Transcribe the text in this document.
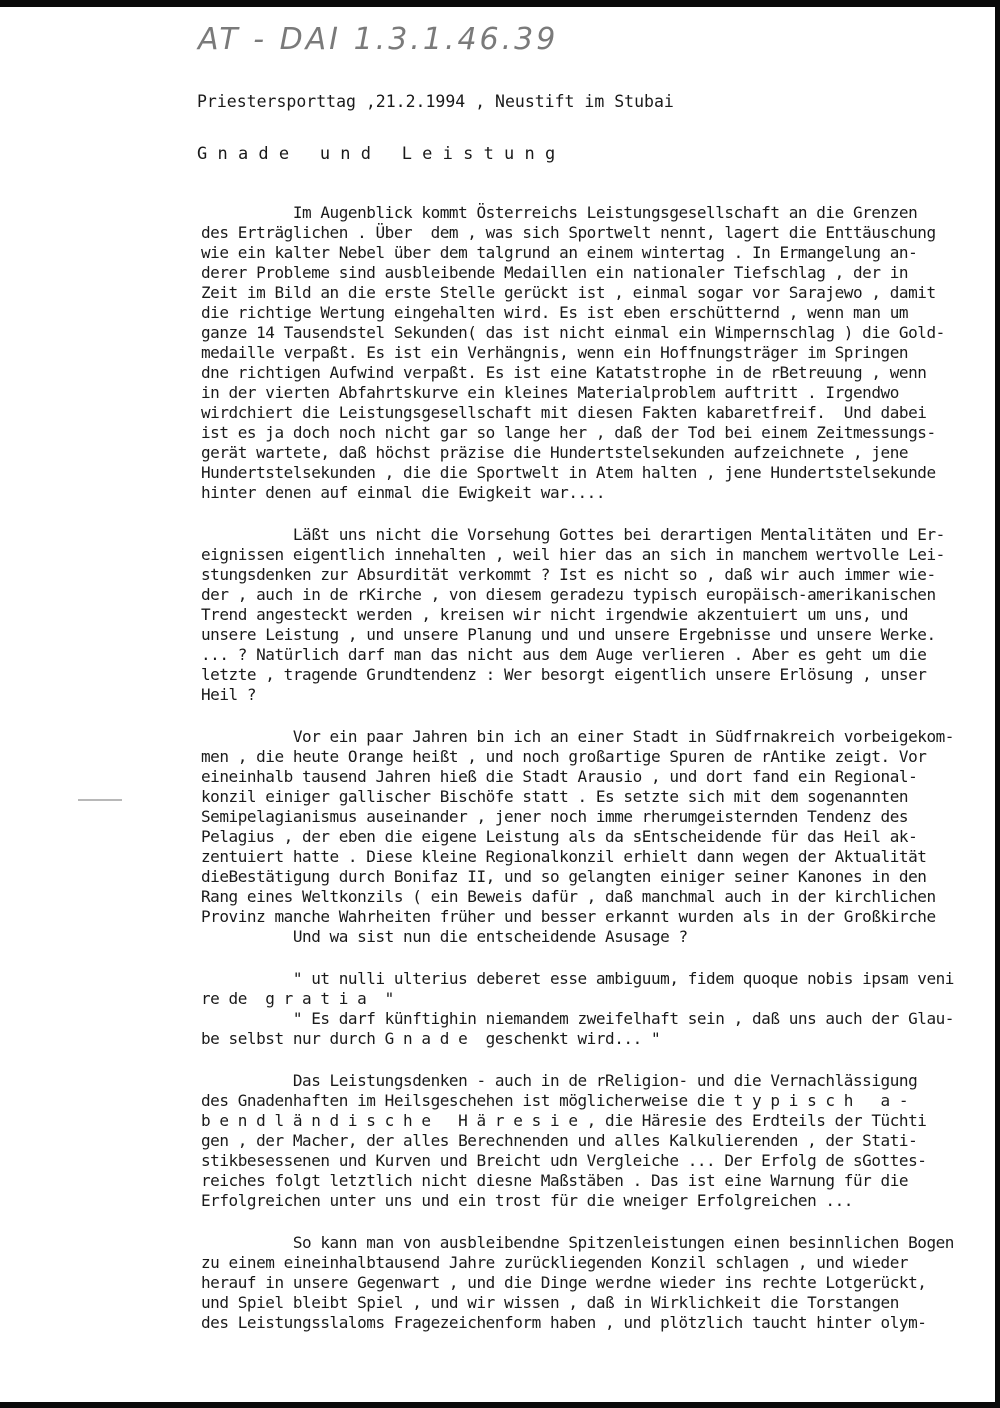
AT - DAI 1.3.1.46.39
Priestersporttag ,21.2.1994 , Neustift im Stubai
G n a d e   u n d   L e i s t u n g

Im Augenblick kommt Österreichs Leistungsgesellschaft an die Grenzen
des Erträglichen . Über  dem , was sich Sportwelt nennt, lagert die Enttäuschung
wie ein kalter Nebel über dem talgrund an einem wintertag . In Ermangelung an-
derer Probleme sind ausbleibende Medaillen ein nationaler Tiefschlag , der in
Zeit im Bild an die erste Stelle gerückt ist , einmal sogar vor Sarajewo , damit
die richtige Wertung eingehalten wird. Es ist eben erschütternd , wenn man um
ganze 14 Tausendstel Sekunden( das ist nicht einmal ein Wimpernschlag ) die Gold-
medaille verpaßt. Es ist ein Verhängnis, wenn ein Hoffnungsträger im Springen
dne richtigen Aufwind verpaßt. Es ist eine Katatstrophe in de rBetreuung , wenn
in der vierten Abfahrtskurve ein kleines Materialproblem auftritt . Irgendwo
wirdchiert die Leistungsgesellschaft mit diesen Fakten kabaretfreif.  Und dabei
ist es ja doch noch nicht gar so lange her , daß der Tod bei einem Zeitmessungs-
gerät wartete, daß höchst präzise die Hundertstelsekunden aufzeichnete , jene
Hundertstelsekunden , die die Sportwelt in Atem halten , jene Hundertstelsekunde
hinter denen auf einmal die Ewigkeit war....

Läßt uns nicht die Vorsehung Gottes bei derartigen Mentalitäten und Er-
eignissen eigentlich innehalten , weil hier das an sich in manchem wertvolle Lei-
stungsdenken zur Absurdität verkommt ? Ist es nicht so , daß wir auch immer wie-
der , auch in de rKirche , von diesem geradezu typisch europäisch-amerikanischen
Trend angesteckt werden , kreisen wir nicht irgendwie akzentuiert um uns, und
unsere Leistung , und unsere Planung und und unsere Ergebnisse und unsere Werke.
... ? Natürlich darf man das nicht aus dem Auge verlieren . Aber es geht um die
letzte , tragende Grundtendenz : Wer besorgt eigentlich unsere Erlösung , unser
Heil ?

Vor ein paar Jahren bin ich an einer Stadt in Südfrnakreich vorbeigekom-
men , die heute Orange heißt , und noch großartige Spuren de rAntike zeigt. Vor
eineinhalb tausend Jahren hieß die Stadt Arausio , und dort fand ein Regional-
konzil einiger gallischer Bischöfe statt . Es setzte sich mit dem sogenannten
Semipelagianismus auseinander , jener noch imme rherumgeisternden Tendenz des
Pelagius , der eben die eigene Leistung als da sEntscheidende für das Heil ak-
zentuiert hatte . Diese kleine Regionalkonzil erhielt dann wegen der Aktualität
dieBestätigung durch Bonifaz II, und so gelangten einiger seiner Kanones in den
Rang eines Weltkonzils ( ein Beweis dafür , daß manchmal auch in der kirchlichen
Provinz manche Wahrheiten früher und besser erkannt wurden als in der Großkirche
Und wa sist nun die entscheidende Asusage ?

" ut nulli ulterius deberet esse ambiguum, fidem quoque nobis ipsam veni
re de  g r a t i a  "
" Es darf künftighin niemandem zweifelhaft sein , daß uns auch der Glau-
be selbst nur durch G n a d e  geschenkt wird... "

Das Leistungsdenken - auch in de rReligion- und die Vernachlässigung
des Gnadenhaften im Heilsgeschehen ist möglicherweise die t y p i s c h   a -
b e n d l ä n d i s c h e   H ä r e s i e , die Häresie des Erdteils der Tüchti
gen , der Macher, der alles Berechnenden und alles Kalkulierenden , der Stati-
stikbesessenen und Kurven und Breicht udn Vergleiche ... Der Erfolg de sGottes-
reiches folgt letztlich nicht diesne Maßstäben . Das ist eine Warnung für die
Erfolgreichen unter uns und ein trost für die wneiger Erfolgreichen ...

So kann man von ausbleibendne Spitzenleistungen einen besinnlichen Bogen
zu einem eineinhalbtausend Jahre zurückliegenden Konzil schlagen , und wieder
herauf in unsere Gegenwart , und die Dinge werdne wieder ins rechte Lotgerückt,
und Spiel bleibt Spiel , und wir wissen , daß in Wirklichkeit die Torstangen
des Leistungsslaloms Fragezeichenform haben , und plötzlich taucht hinter olym-
